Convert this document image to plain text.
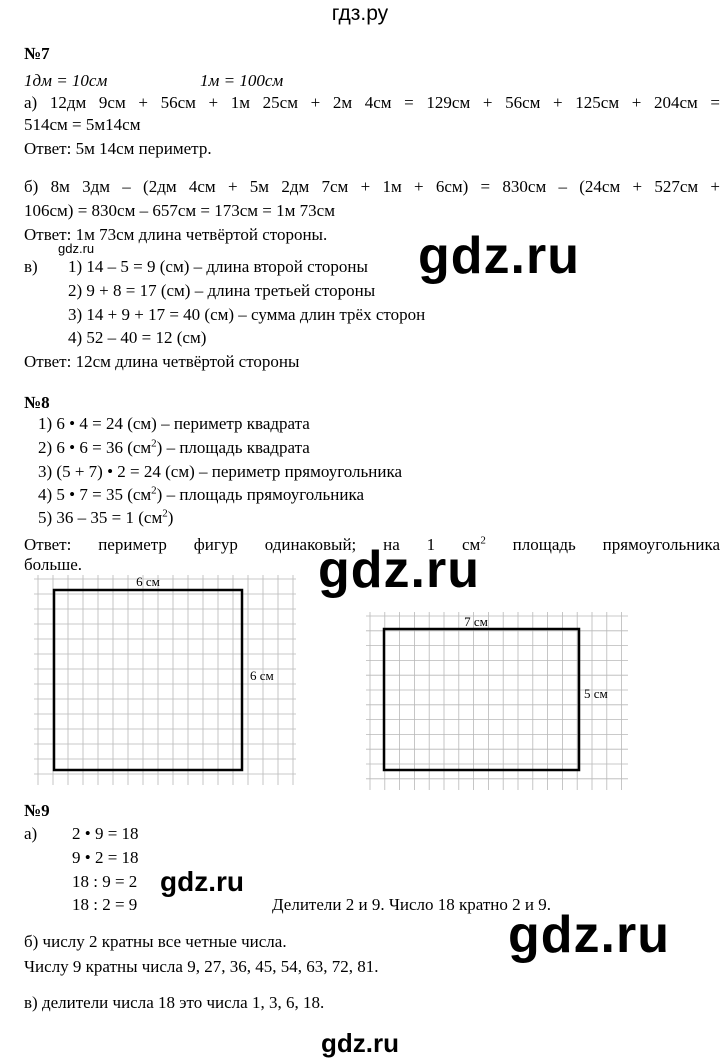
гдз.ру
№7
1дм = 10см	1м = 100см
а) 12дм 9см + 56см + 1м 25см + 2м 4см = 129см + 56см + 125см + 204см =
514см = 5м14см
Ответ: 5м 14см периметр.
б) 8м 3дм – (2дм 4см + 5м 2дм 7см + 1м + 6см) = 830см – (24см + 527см +
106см) = 830см – 657см = 173см = 1м 73см
Ответ: 1м 73см длина четвёртой стороны.
gdz.ru
в) 1) 14 – 5 = 9 (см) – длина второй стороны
2) 9 + 8 = 17 (см) – длина третьей стороны
3) 14 + 9 + 17 = 40 (см) – сумма длин трёх сторон
4) 52 – 40 = 12 (см)
Ответ: 12см длина четвёртой стороны
gdz.ru
№8
1) 6 • 4 = 24 (см) – периметр квадрата
2) 6 • 6 = 36 $(см^2)$ – площадь квадрата
3) (5 + 7) • 2 = 24 (см) – периметр прямоугольника
4) 5 • 7 = 35 $(см^2)$ – площадь прямоугольника
5) 36 – 35 = 1 $(см^2)$
Ответ: периметр фигур одинаковый; на 1 $см^2$ площадь прямоугольника
больше.	gdz.ru
6 см
6 см
7 см
5 см
№9
а) 2 • 9 = 18
9 • 2 = 18
18 : 9 = 2
18 : 2 = 9	Делители 2 и 9. Число 18 кратно 2 и 9.
gdz.ru
б) числу 2 кратны все четные числа.
Числу 9 кратны числа 9, 27, 36, 45, 54, 63, 72, 81.
gdz.ru
в) делители числа 18 это числа 1, 3, 6, 18.
gdz.ru
